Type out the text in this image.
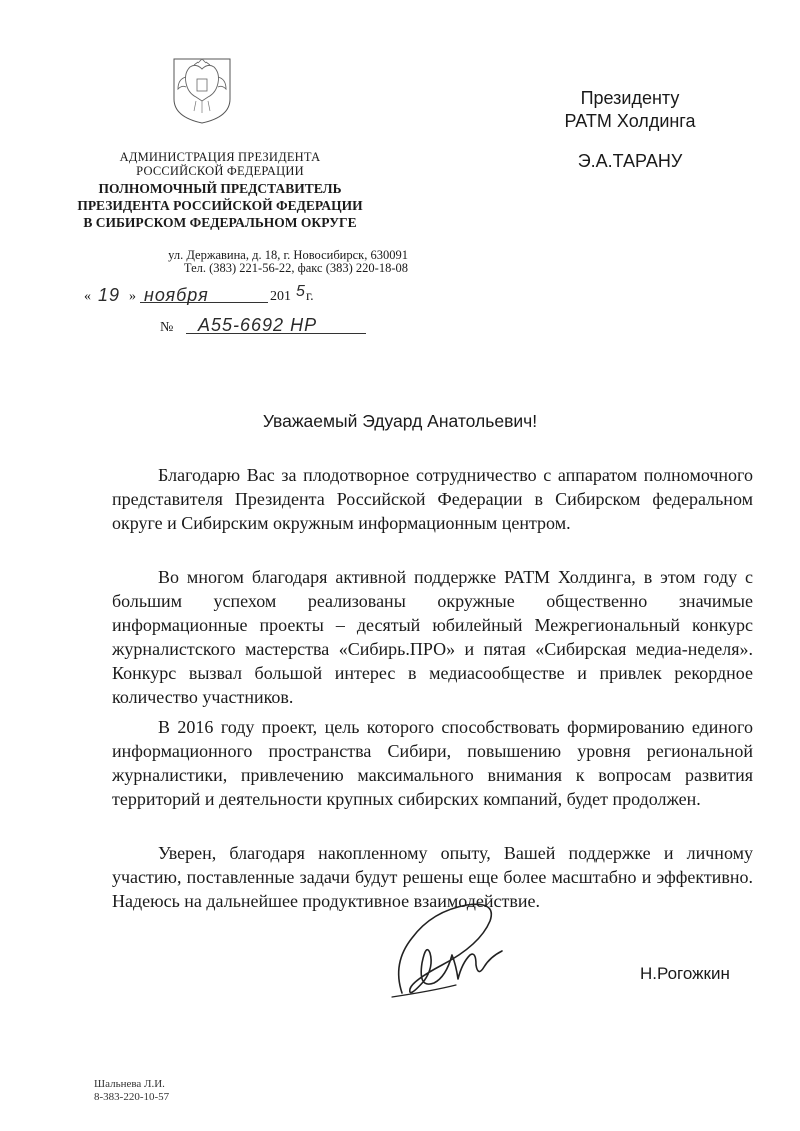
АДМИНИСТРАЦИЯ ПРЕЗИДЕНТА
РОССИЙСКОЙ ФЕДЕРАЦИИ
ПОЛНОМОЧНЫЙ ПРЕДСТАВИТЕЛЬ
ПРЕЗИДЕНТА РОССИЙСКОЙ ФЕДЕРАЦИИ
В СИБИРСКОМ ФЕДЕРАЛЬНОМ ОКРУГЕ
ул. Державина, д. 18, г. Новосибирск, 630091
Тел. (383) 221-56-22, факс (383) 220-18-08
« 19 » ноября	201 5 г.
№ А55-6692 НР
Президенту
РАТМ Холдинга
Э.А.ТАРАНУ
Уважаемый Эдуард Анатольевич!
Благодарю Вас за плодотворное сотрудничество с аппаратом полномочного представителя Президента Российской Федерации в Сибирском федеральном округе и Сибирским окружным информационным центром.
Во многом благодаря активной поддержке РАТМ Холдинга, в этом году с большим успехом реализованы окружные общественно значимые информационные проекты – десятый юбилейный Межрегиональный конкурс журналистского мастерства «Сибирь.ПРО» и пятая «Сибирская медиа-неделя». Конкурс вызвал большой интерес в медиасообществе и привлек рекордное количество участников.
В 2016 году проект, цель которого способствовать формированию единого информационного пространства Сибири, повышению уровня региональной журналистики, привлечению максимального внимания к вопросам развития территорий и деятельности крупных сибирских компаний, будет продолжен.
Уверен, благодаря накопленному опыту, Вашей поддержке и личному участию, поставленные задачи будут решены еще более масштабно и эффективно. Надеюсь на дальнейшее продуктивное взаимодействие.
Н.Рогожкин
Шальнева Л.И.
8-383-220-10-57
